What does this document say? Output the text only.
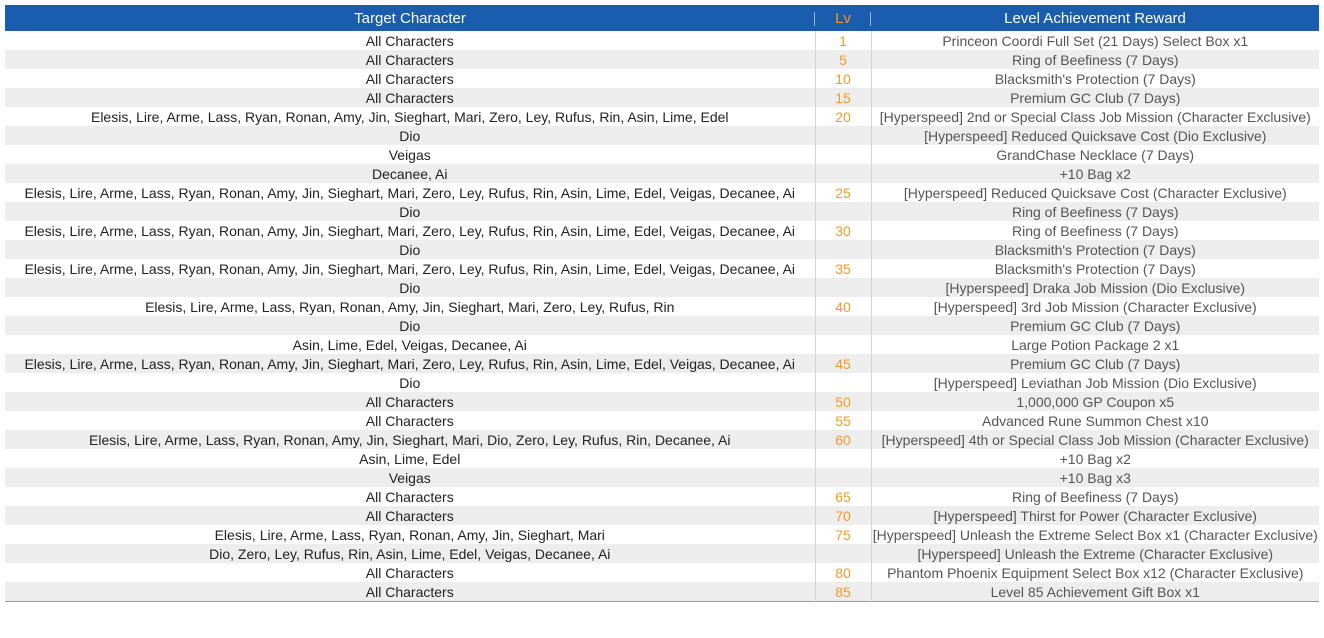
Target Character	Lv	Level Achievement Reward
All Characters	1	Princeon Coordi Full Set (21 Days) Select Box x1
All Characters	5	Ring of Beefiness (7 Days)
All Characters	10	Blacksmith's Protection (7 Days)
All Characters	15	Premium GC Club (7 Days)
Elesis, Lire, Arme, Lass, Ryan, Ronan, Amy, Jin, Sieghart, Mari, Zero, Ley, Rufus, Rin, Asin, Lime, Edel	20	[Hyperspeed] 2nd or Special Class Job Mission (Character Exclusive)
Dio		[Hyperspeed] Reduced Quicksave Cost (Dio Exclusive)
Veigas		GrandChase Necklace (7 Days)
Decanee, Ai		+10 Bag x2
Elesis, Lire, Arme, Lass, Ryan, Ronan, Amy, Jin, Sieghart, Mari, Zero, Ley, Rufus, Rin, Asin, Lime, Edel, Veigas, Decanee, Ai	25	[Hyperspeed] Reduced Quicksave Cost (Character Exclusive)
Dio		Ring of Beefiness (7 Days)
Elesis, Lire, Arme, Lass, Ryan, Ronan, Amy, Jin, Sieghart, Mari, Zero, Ley, Rufus, Rin, Asin, Lime, Edel, Veigas, Decanee, Ai	30	Ring of Beefiness (7 Days)
Dio		Blacksmith's Protection (7 Days)
Elesis, Lire, Arme, Lass, Ryan, Ronan, Amy, Jin, Sieghart, Mari, Zero, Ley, Rufus, Rin, Asin, Lime, Edel, Veigas, Decanee, Ai	35	Blacksmith's Protection (7 Days)
Dio		[Hyperspeed] Draka Job Mission (Dio Exclusive)
Elesis, Lire, Arme, Lass, Ryan, Ronan, Amy, Jin, Sieghart, Mari, Zero, Ley, Rufus, Rin	40	[Hyperspeed] 3rd Job Mission (Character Exclusive)
Dio		Premium GC Club (7 Days)
Asin, Lime, Edel, Veigas, Decanee, Ai		Large Potion Package 2 x1
Elesis, Lire, Arme, Lass, Ryan, Ronan, Amy, Jin, Sieghart, Mari, Zero, Ley, Rufus, Rin, Asin, Lime, Edel, Veigas, Decanee, Ai	45	Premium GC Club (7 Days)
Dio		[Hyperspeed] Leviathan Job Mission (Dio Exclusive)
All Characters	50	1,000,000 GP Coupon x5
All Characters	55	Advanced Rune Summon Chest x10
Elesis, Lire, Arme, Lass, Ryan, Ronan, Amy, Jin, Sieghart, Mari, Dio, Zero, Ley, Rufus, Rin, Decanee, Ai	60	[Hyperspeed] 4th or Special Class Job Mission (Character Exclusive)
Asin, Lime, Edel		+10 Bag x2
Veigas		+10 Bag x3
All Characters	65	Ring of Beefiness (7 Days)
All Characters	70	[Hyperspeed] Thirst for Power (Character Exclusive)
Elesis, Lire, Arme, Lass, Ryan, Ronan, Amy, Jin, Sieghart, Mari	75	[Hyperspeed] Unleash the Extreme Select Box x1 (Character Exclusive)
Dio, Zero, Ley, Rufus, Rin, Asin, Lime, Edel, Veigas, Decanee, Ai		[Hyperspeed] Unleash the Extreme (Character Exclusive)
All Characters	80	Phantom Phoenix Equipment Select Box x12 (Character Exclusive)
All Characters	85	Level 85 Achievement Gift Box x1
